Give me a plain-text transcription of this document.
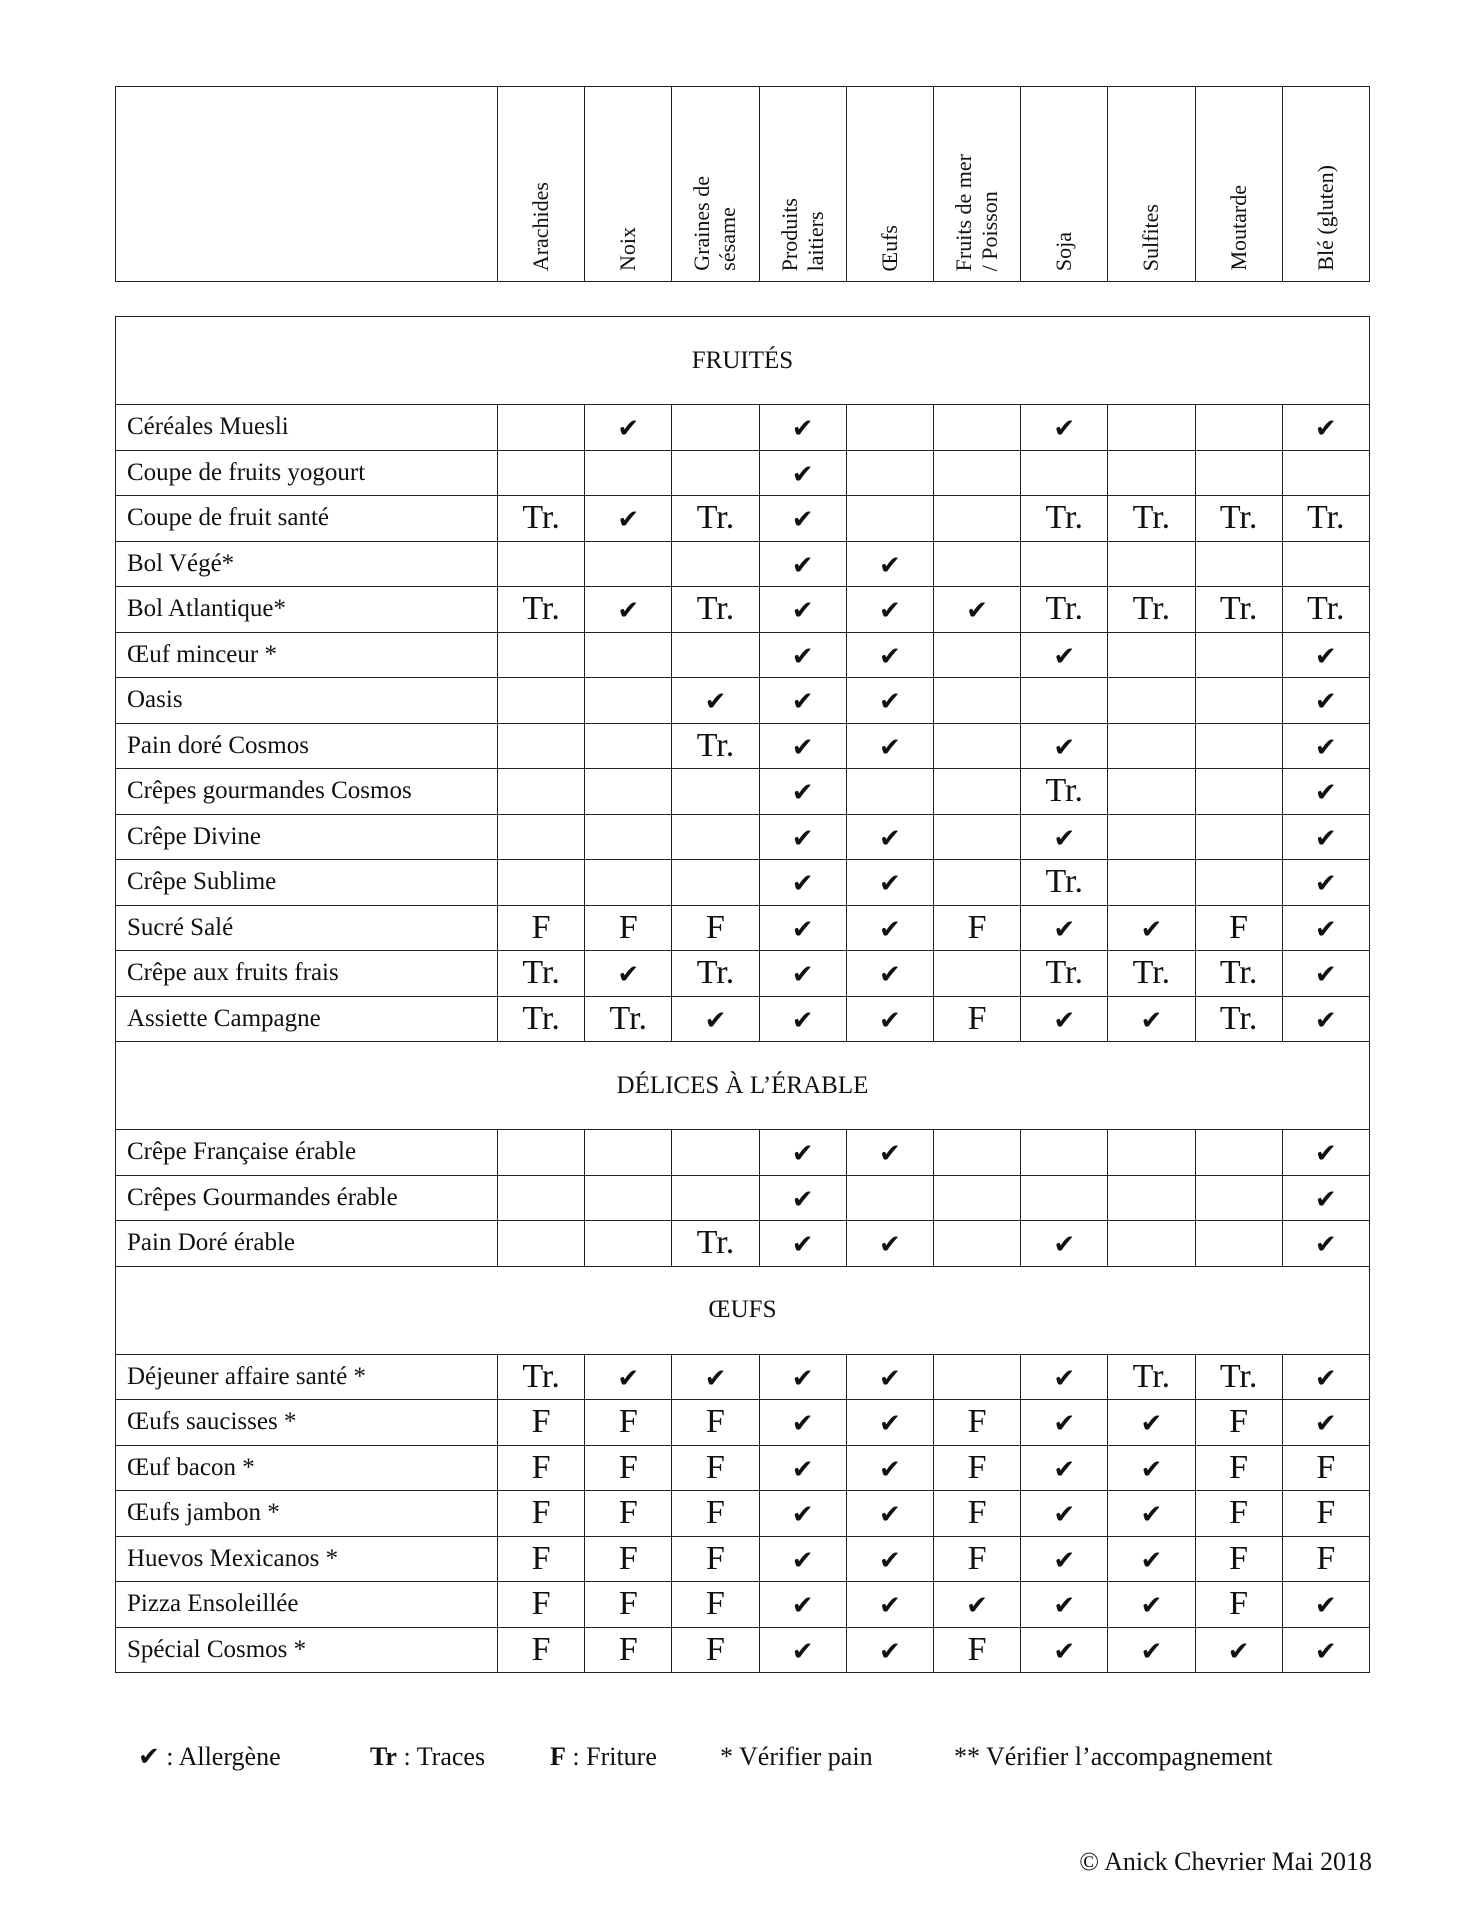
Arachides	Noix	Graines de
sésame	Produits
laitiers	Œufs	Fruits de mer
/ Poisson	Soja	Sulfites	Moutarde	Blé (gluten)
FRUITÉS										
Céréales Muesli		✔		✔			✔			✔
Coupe de fruits yogourt				✔						
Coupe de fruit santé	Tr.	✔	Tr.	✔			Tr.	Tr.	Tr.	Tr.
Bol Végé*				✔	✔					
Bol Atlantique*	Tr.	✔	Tr.	✔	✔	✔	Tr.	Tr.	Tr.	Tr.
Œuf minceur *				✔	✔		✔			✔
Oasis			✔	✔	✔					✔
Pain doré Cosmos			Tr.	✔	✔		✔			✔
Crêpes gourmandes Cosmos				✔			Tr.			✔
Crêpe Divine				✔	✔		✔			✔
Crêpe Sublime				✔	✔		Tr.			✔
Sucré Salé	F	F	F	✔	✔	F	✔	✔	F	✔
Crêpe aux fruits frais	Tr.	✔	Tr.	✔	✔		Tr.	Tr.	Tr.	✔
Assiette Campagne	Tr.	Tr.	✔	✔	✔	F	✔	✔	Tr.	✔
DÉLICES À L’ÉRABLE										
Crêpe Française érable				✔	✔					✔
Crêpes Gourmandes érable				✔						✔
Pain Doré érable			Tr.	✔	✔		✔			✔
ŒUFS										
Déjeuner affaire santé *	Tr.	✔	✔	✔	✔		✔	Tr.	Tr.	✔
Œufs saucisses *	F	F	F	✔	✔	F	✔	✔	F	✔
Œuf bacon *	F	F	F	✔	✔	F	✔	✔	F	F
Œufs jambon *	F	F	F	✔	✔	F	✔	✔	F	F
Huevos Mexicanos *	F	F	F	✔	✔	F	✔	✔	F	F
Pizza Ensoleillée	F	F	F	✔	✔	✔	✔	✔	F	✔
Spécial Cosmos *	F	F	F	✔	✔	F	✔	✔	✔	✔
✔ : Allergène	Tr : Traces F : Friture * Vérifier pain	** Vérifier l’accompagnement
© Anick Chevrier Mai 2018
